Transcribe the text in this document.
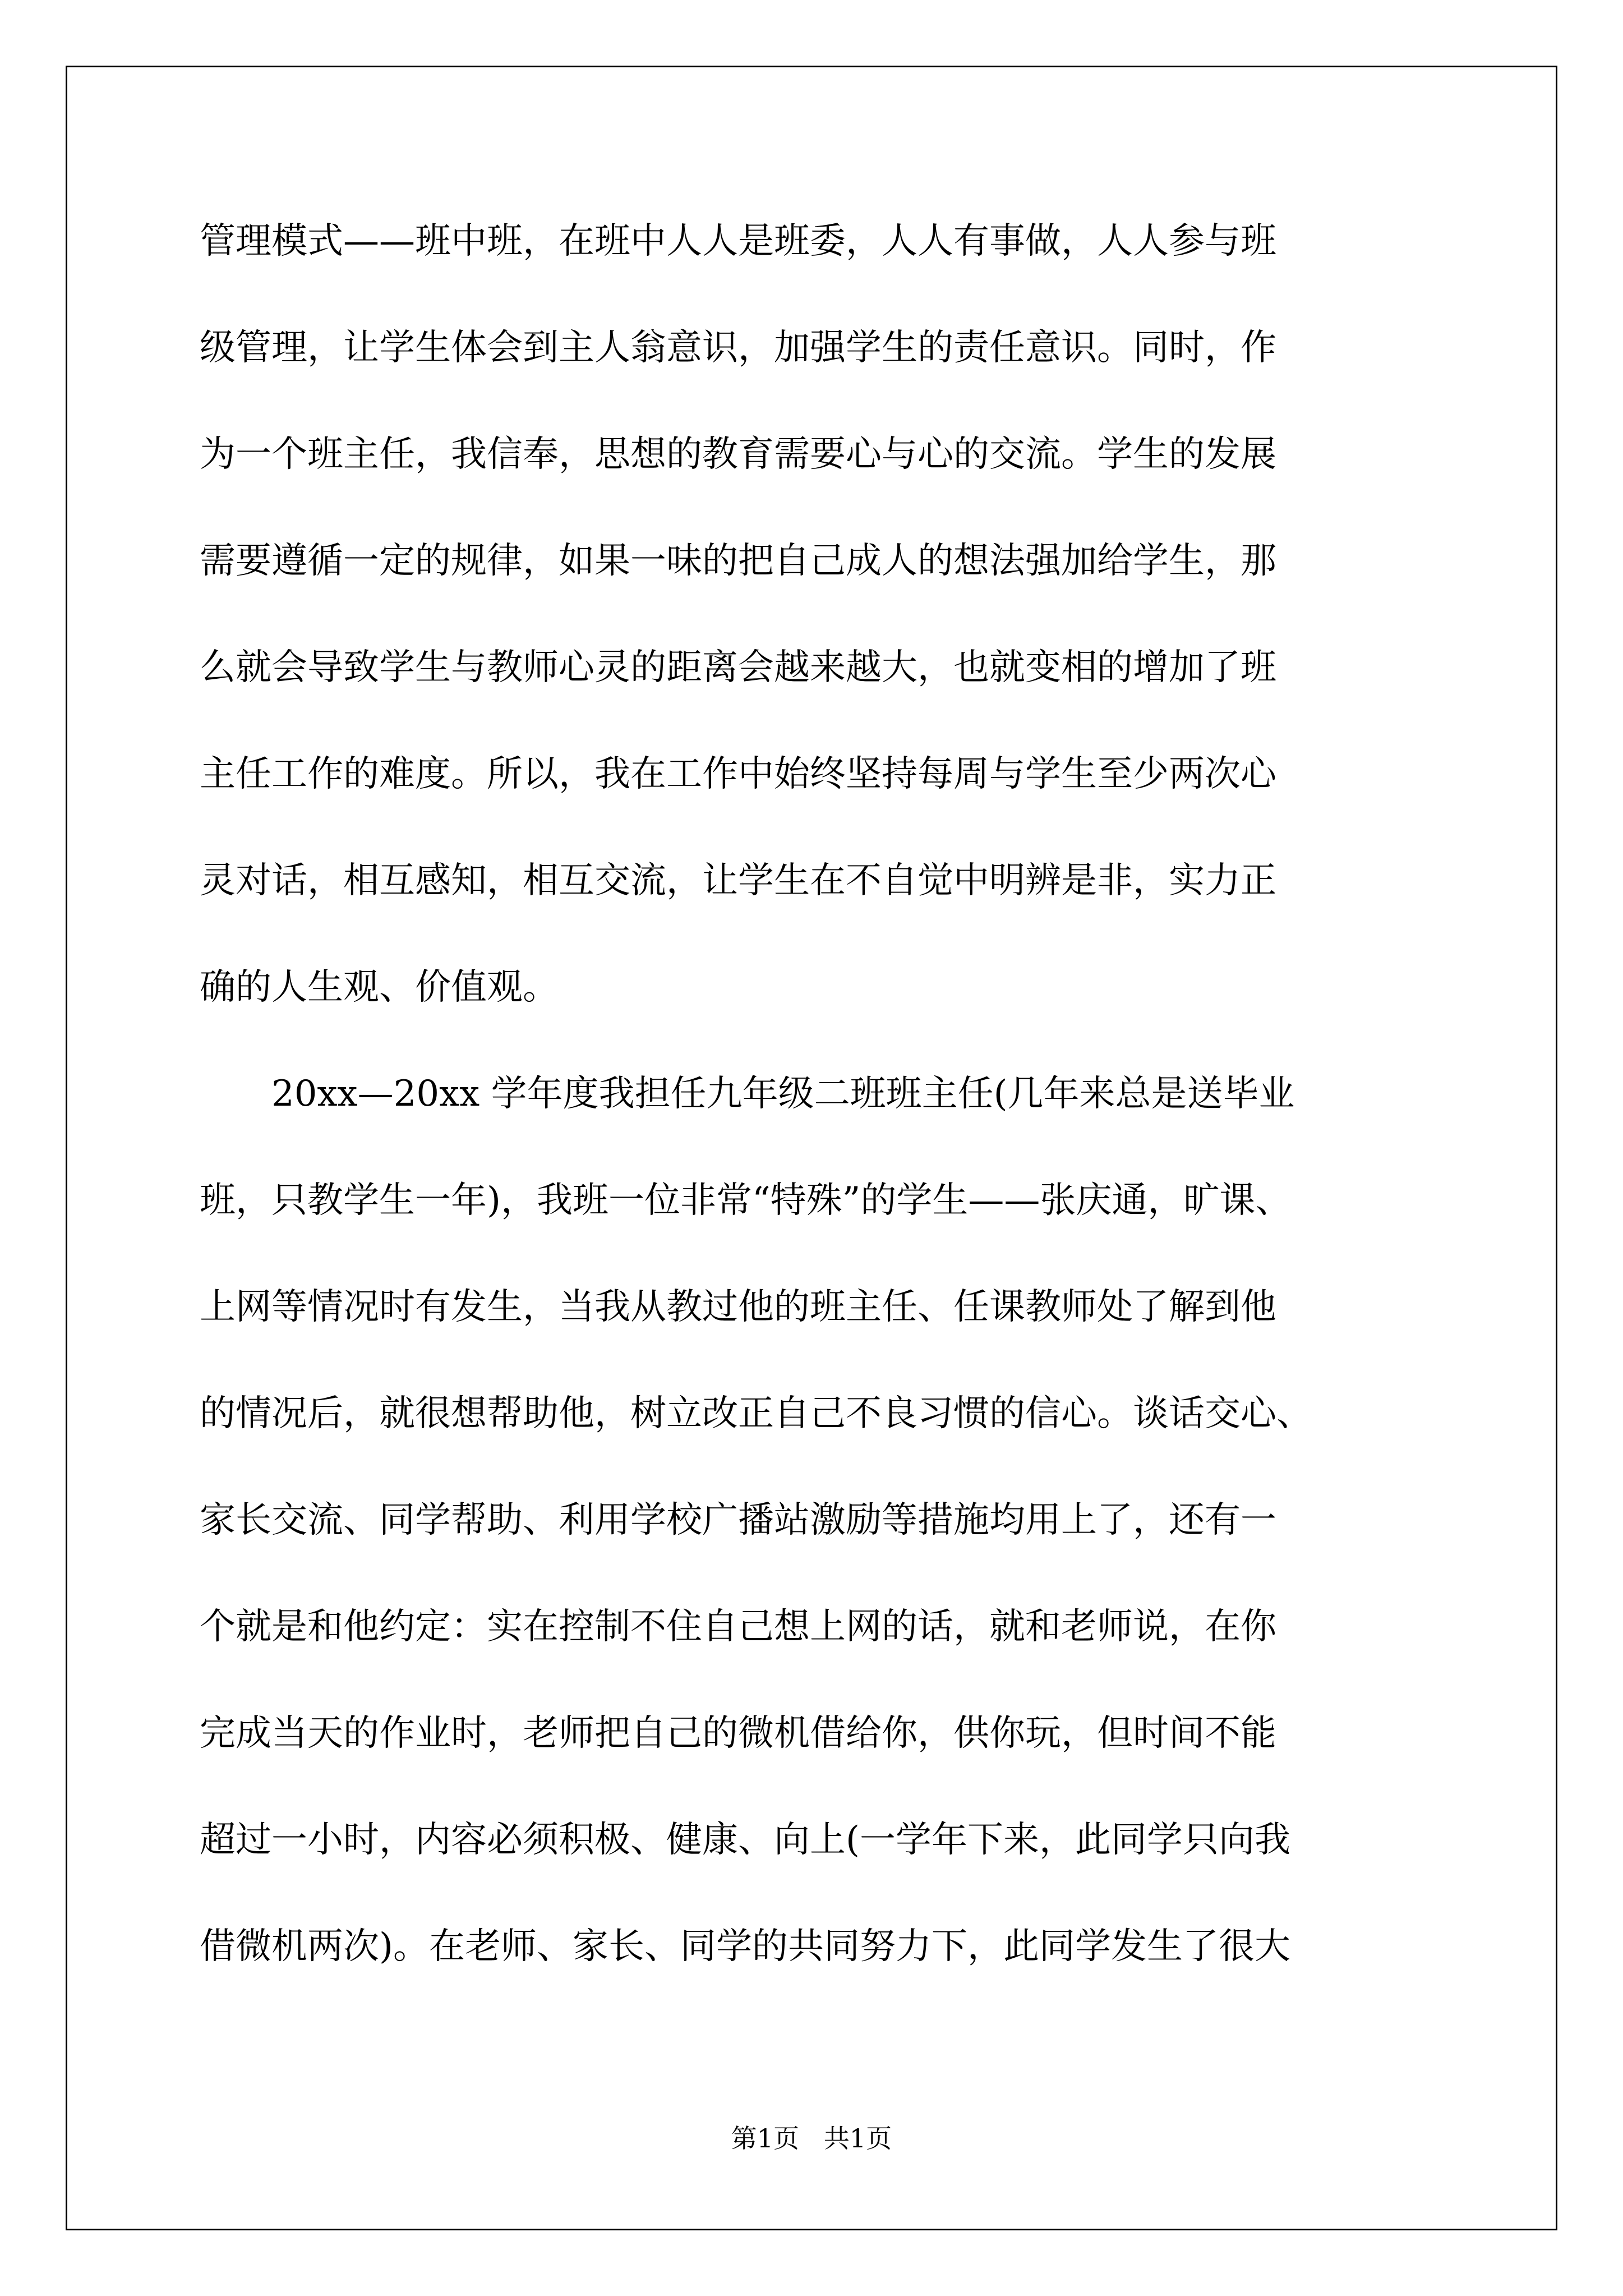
管理模式——班中班，在班中人人是班委，人人有事做，人人参与班
级管理，让学生体会到主人翁意识，加强学生的责任意识。同时，作
为一个班主任，我信奉，思想的教育需要心与心的交流。学生的发展
需要遵循一定的规律，如果一味的把自己成人的想法强加给学生，那
么就会导致学生与教师心灵的距离会越来越大，也就变相的增加了班
主任工作的难度。所以，我在工作中始终坚持每周与学生至少两次心
灵对话，相互感知，相互交流，让学生在不自觉中明辨是非，实力正
确的人生观、价值观。
20xx—20xx 学年度我担任九年级二班班主任(几年来总是送毕业
班，只教学生一年)，我班一位非常“特殊”的学生——张庆通，旷课、
上网等情况时有发生，当我从教过他的班主任、任课教师处了解到他
的情况后，就很想帮助他，树立改正自己不良习惯的信心。谈话交心、
家长交流、同学帮助、利用学校广播站激励等措施均用上了，还有一
个就是和他约定：实在控制不住自己想上网的话，就和老师说，在你
完成当天的作业时，老师把自己的微机借给你，供你玩，但时间不能
超过一小时，内容必须积极、健康、向上(一学年下来，此同学只向我
借微机两次)。在老师、家长、同学的共同努力下，此同学发生了很大
第1页   共1页
